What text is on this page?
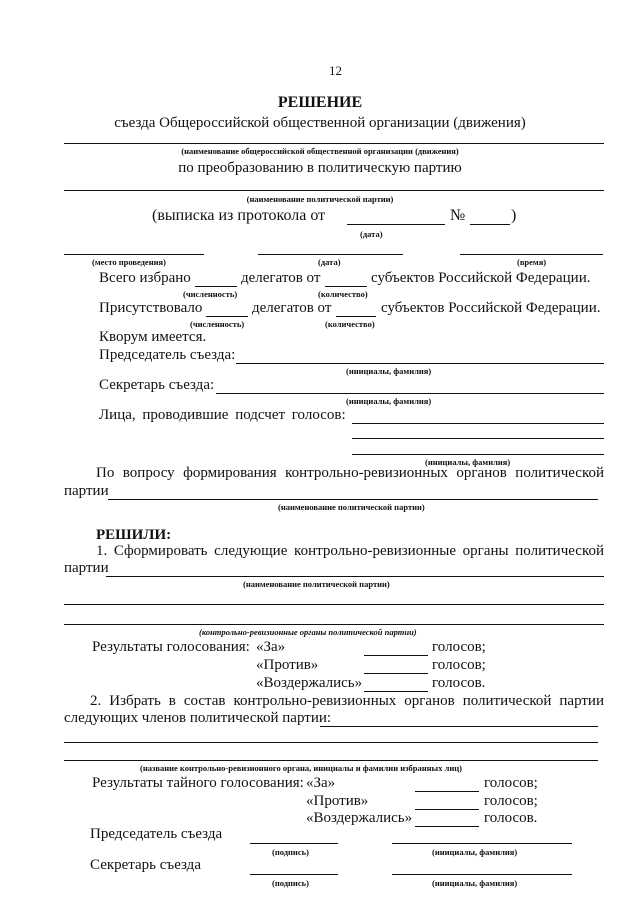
12
РЕШЕНИЕ
съезда Общероссийской общественной организации (движения)
(наименование общероссийской общественной организации (движения)
по преобразованию в политическую партию
(наименование политической партии)
(выписка из протокола от	№	)
(дата)
(место проведения)	(дата)	(время)
Всего избрано	делегатов от	субъектов Российской Федерации.
(численность)	(количество)
Присутствовало	делегатов от	субъектов Российской Федерации.
(численность)	(количество)
Кворум имеется.
Председатель съезда:
(инициалы, фамилия)
Секретарь съезда:
(инициалы, фамилия)
Лица, проводившие подсчет голосов:
(инициалы, фамилия)
По вопросу формирования контрольно-ревизионных органов политической
партии
(наименование политической партии)
РЕШИЛИ:
1. Сформировать следующие контрольно-ревизионные органы политической
партии
(наименование политической партии)
(контрольно-ревизионные органы политической партии)
Результаты голосования: «За»	голосов;
«Против»	голосов;
«Воздержались»	голосов.
2. Избрать в состав контрольно-ревизионных органов политической партии
следующих членов политической партии:
(название контрольно-ревизионного органа, инициалы и фамилии избранных лиц)
Результаты тайного голосования: «За»	голосов;
«Против»	голосов;
«Воздержались»	голосов.
Председатель съезда
(подпись)	(инициалы, фамилия)
Секретарь съезда
(подпись)	(инициалы, фамилия)
